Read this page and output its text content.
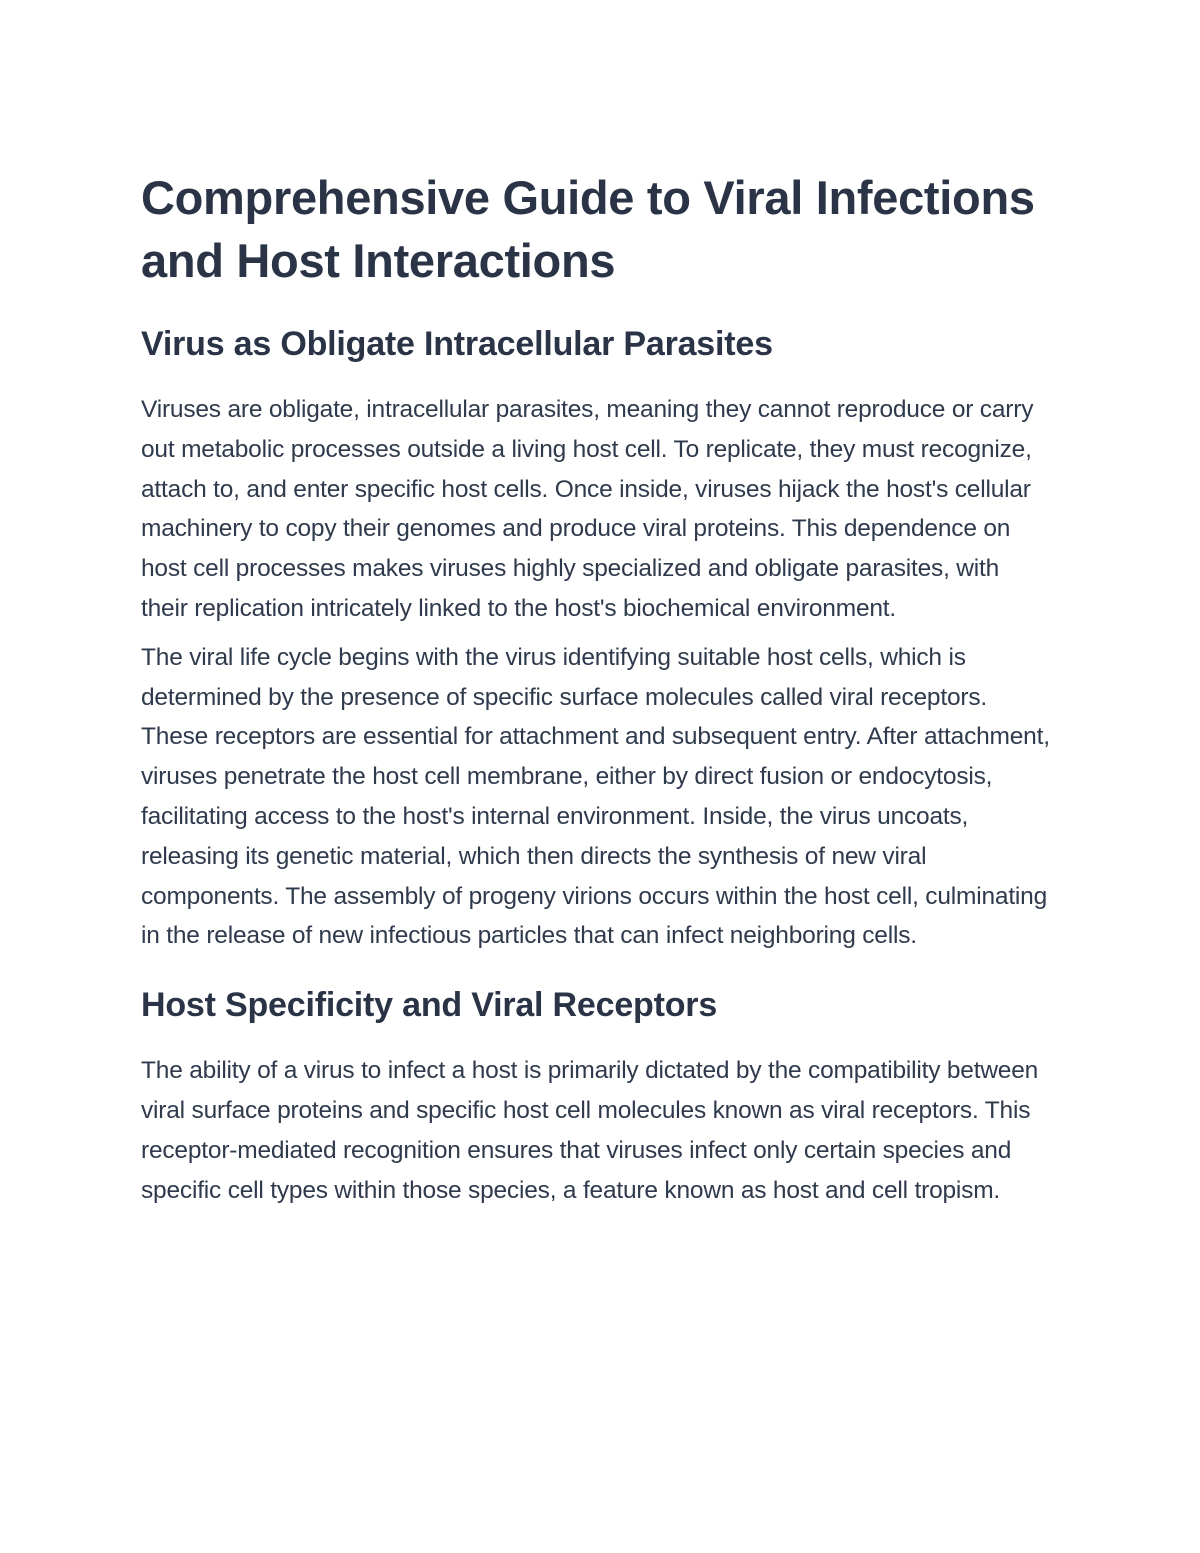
Comprehensive Guide to Viral Infections and Host Interactions
Virus as Obligate Intracellular Parasites

Viruses are obligate, intracellular parasites, meaning they cannot reproduce or carry out metabolic processes outside a living host cell. To replicate, they must recognize, attach to, and enter specific host cells. Once inside, viruses hijack the host's cellular machinery to copy their genomes and produce viral proteins. This dependence on host cell processes makes viruses highly specialized and obligate parasites, with their replication intricately linked to the host's biochemical environment.

The viral life cycle begins with the virus identifying suitable host cells, which is determined by the presence of specific surface molecules called viral receptors. These receptors are essential for attachment and subsequent entry. After attachment, viruses penetrate the host cell membrane, either by direct fusion or endocytosis, facilitating access to the host's internal environment. Inside, the virus uncoats, releasing its genetic material, which then directs the synthesis of new viral components. The assembly of progeny virions occurs within the host cell, culminating in the release of new infectious particles that can infect neighboring cells.

Host Specificity and Viral Receptors

The ability of a virus to infect a host is primarily dictated by the compatibility between viral surface proteins and specific host cell molecules known as viral receptors. This receptor-mediated recognition ensures that viruses infect only certain species and specific cell types within those species, a feature known as host and cell tropism.
